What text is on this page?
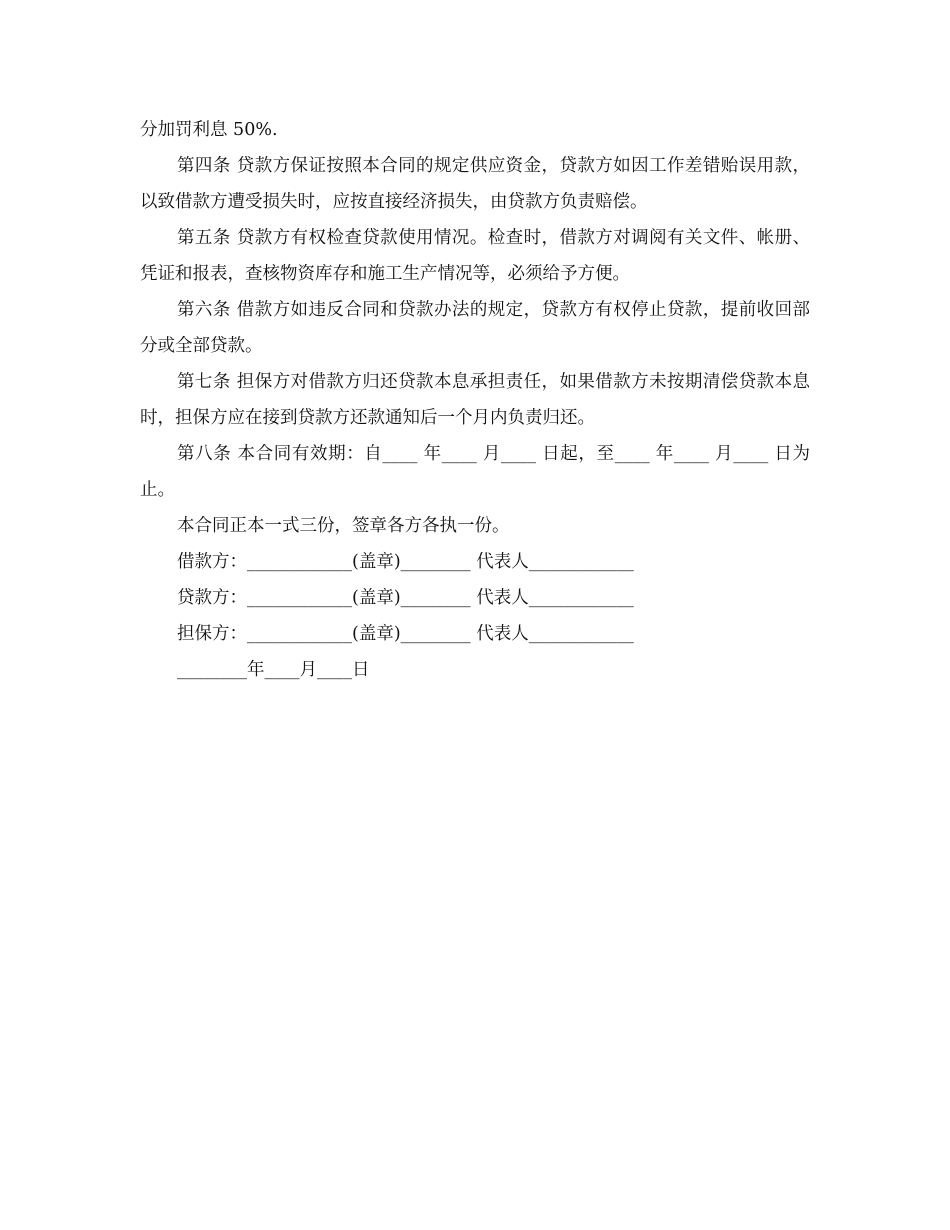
分加罚利息 50%.

第四条 贷款方保证按照本合同的规定供应资金，贷款方如因工作差错贻误用款，以致借款方遭受损失时，应按直接经济损失，由贷款方负责赔偿。

第五条 贷款方有权检查贷款使用情况。检查时，借款方对调阅有关文件、帐册、凭证和报表，查核物资库存和施工生产情况等，必须给予方便。

第六条 借款方如违反合同和贷款办法的规定，贷款方有权停止贷款，提前收回部分或全部贷款。

第七条 担保方对借款方归还贷款本息承担责任，如果借款方未按期清偿贷款本息时，担保方应在接到贷款方还款通知后一个月内负责归还。

第八条 本合同有效期：自____ 年____ 月____ 日起，至____ 年____ 月____ 日为止。

本合同正本一式三份，签章各方各执一份。

借款方：____________(盖章)________ 代表人____________

贷款方：____________(盖章)________ 代表人____________

担保方：____________(盖章)________ 代表人____________

________年____月____日
